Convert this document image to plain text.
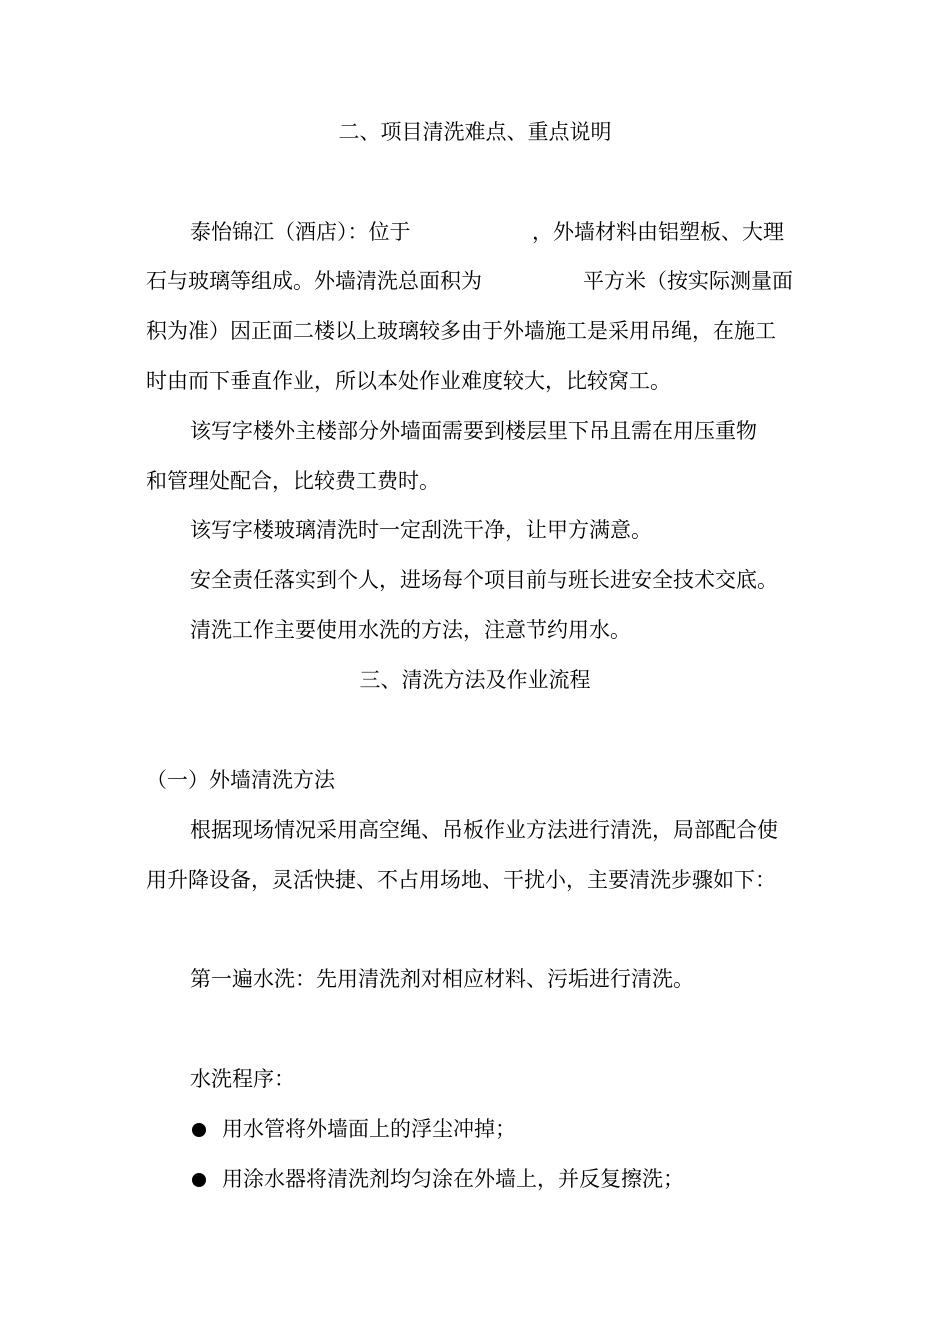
二、项目清洗难点、重点说明
泰怡锦江（酒店）：位于	，外墙材料由铝塑板、大理
石与玻璃等组成。外墙清洗总面积为	平方米（按实际测量面
积为准）因正面二楼以上玻璃较多由于外墙施工是采用吊绳，在施工
时由而下垂直作业，所以本处作业难度较大，比较窝工。
该写字楼外主楼部分外墙面需要到楼层里下吊且需在用压重物
和管理处配合，比较费工费时。
该写字楼玻璃清洗时一定刮洗干净，让甲方满意。
安全责任落实到个人，进场每个项目前与班长进安全技术交底。
清洗工作主要使用水洗的方法，注意节约用水。
三、清洗方法及作业流程
（一）外墙清洗方法
根据现场情况采用高空绳、吊板作业方法进行清洗，局部配合使
用升降设备，灵活快捷、不占用场地、干扰小，主要清洗步骤如下：
第一遍水洗：先用清洗剂对相应材料、污垢进行清洗。
水洗程序：
用水管将外墙面上的浮尘冲掉；
用涂水器将清洗剂均匀涂在外墙上，并反复擦洗；
